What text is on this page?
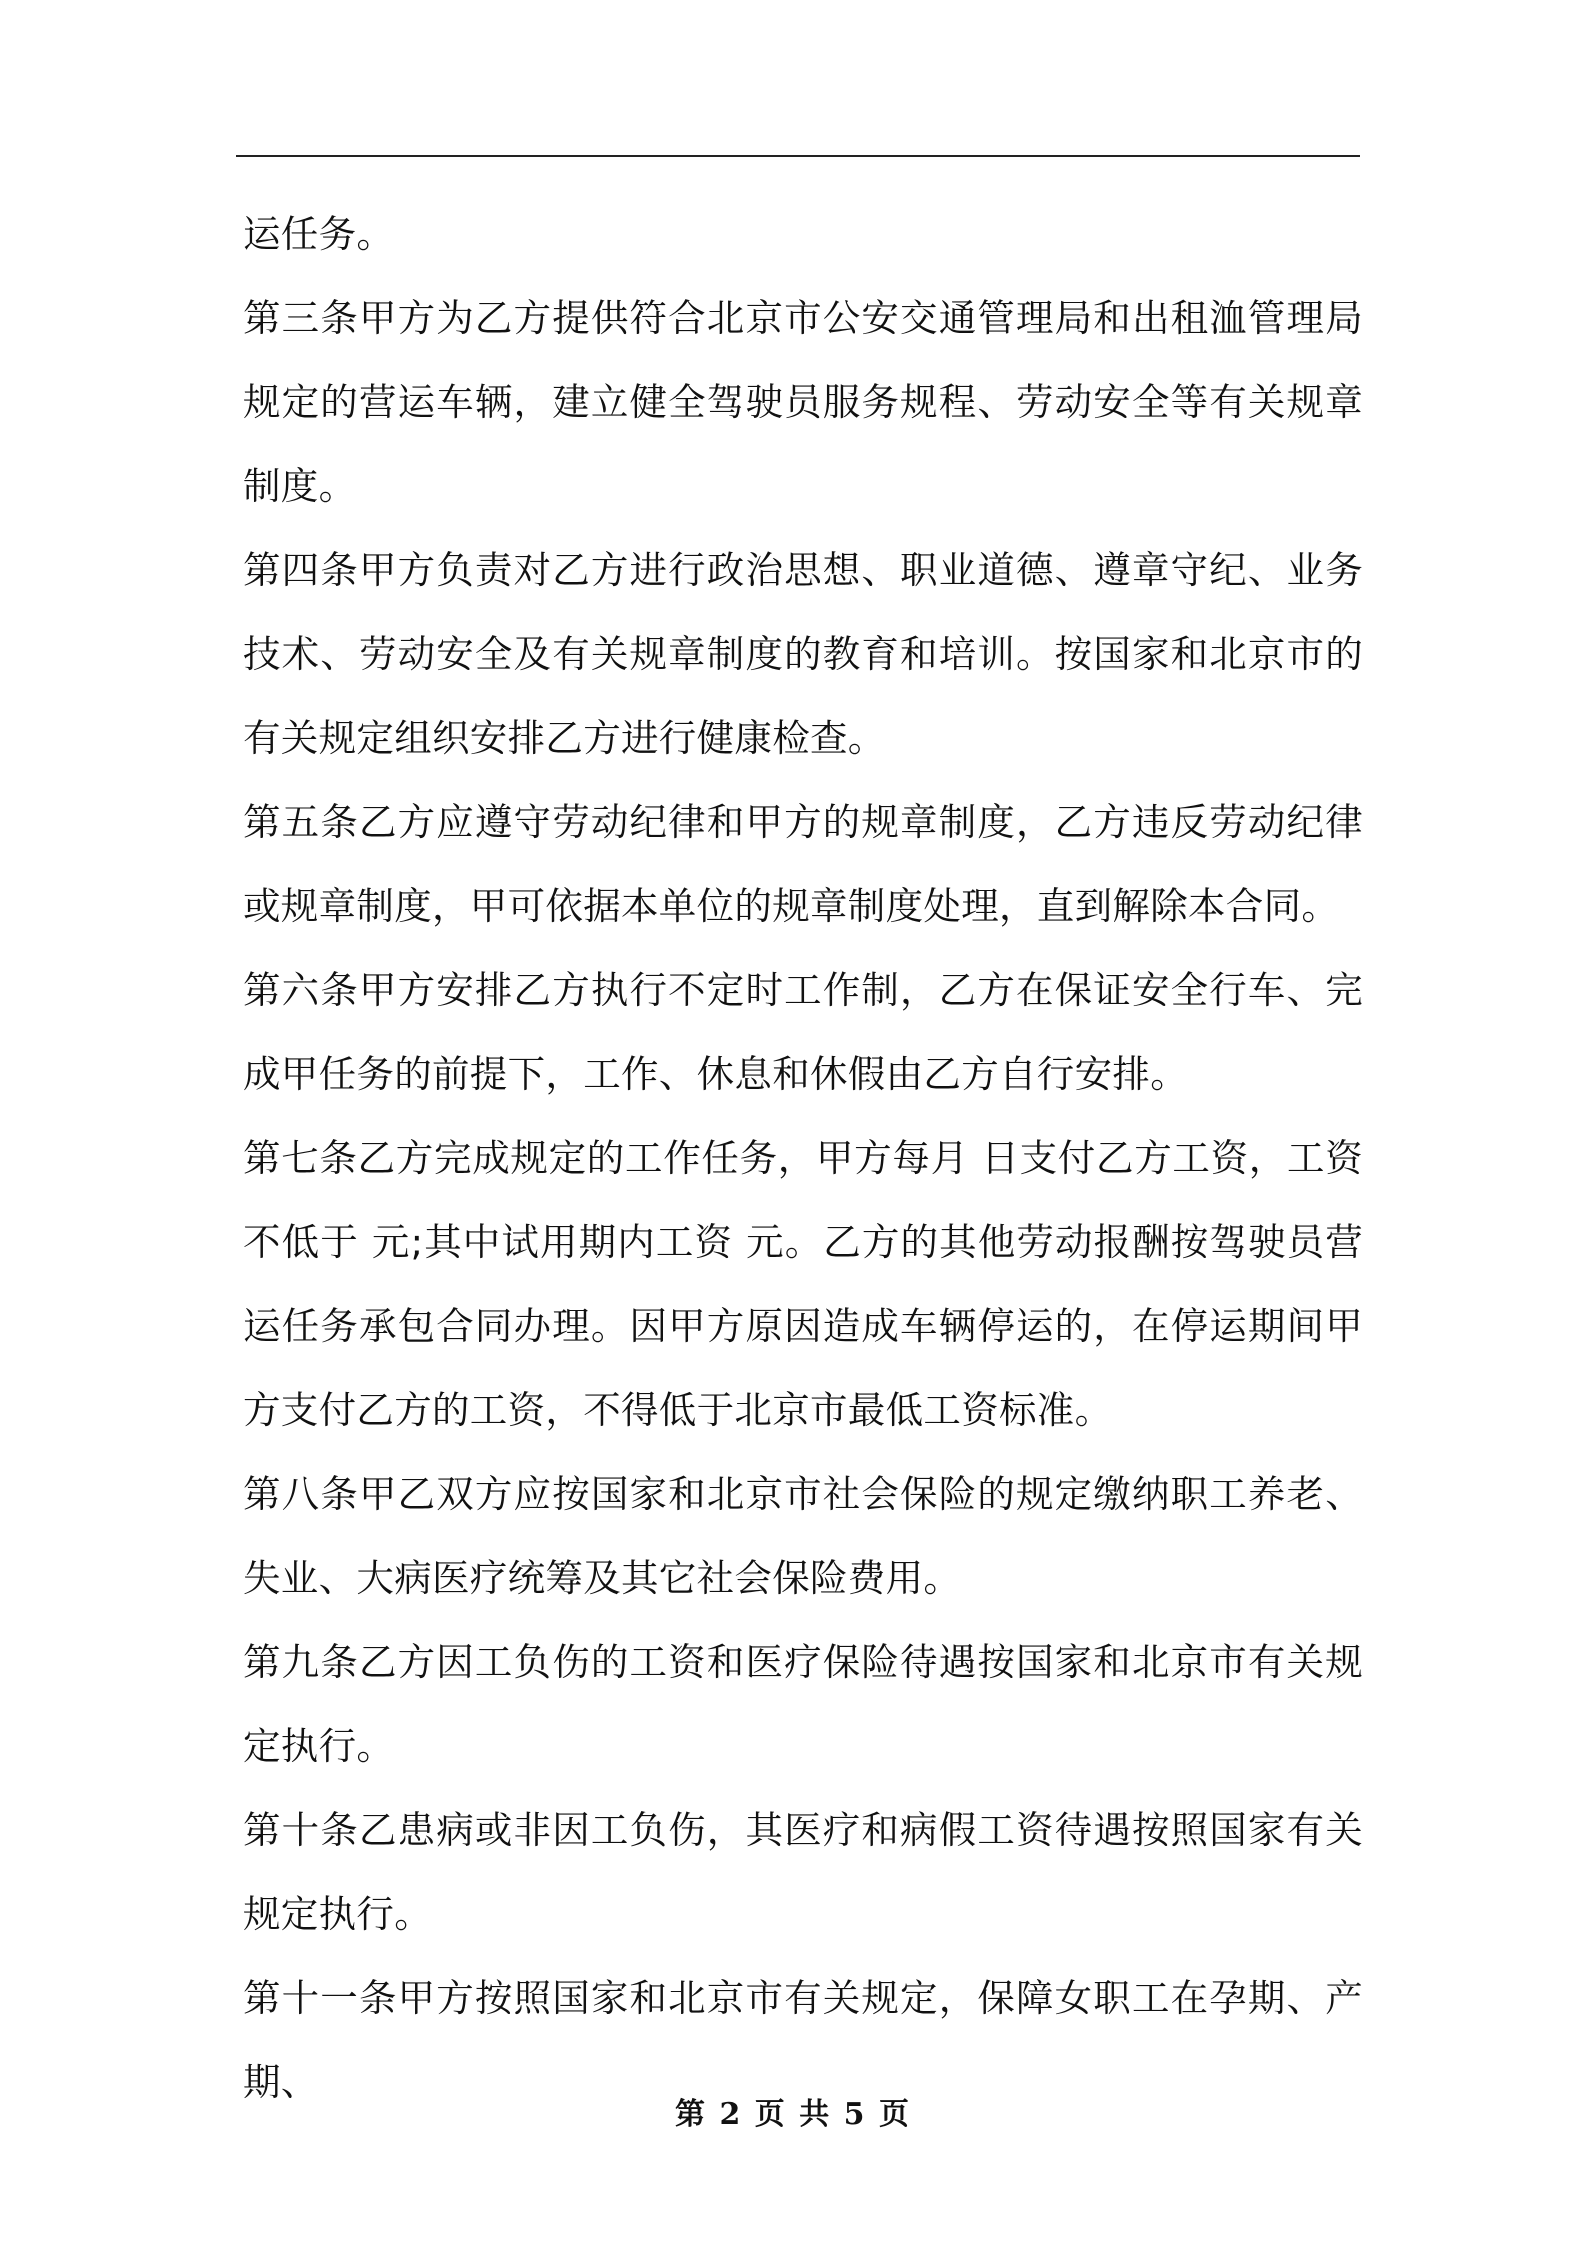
运任务。

第三条甲方为乙方提供符合北京市公安交通管理局和出租洫管理局规定的营运车辆，建立健全驾驶员服务规程、劳动安全等有关规章制度。

第四条甲方负责对乙方进行政治思想、职业道德、遵章守纪、业务技术、劳动安全及有关规章制度的教育和培训。按国家和北京市的有关规定组织安排乙方进行健康检查。

第五条乙方应遵守劳动纪律和甲方的规章制度，乙方违反劳动纪律或规章制度，甲可依据本单位的规章制度处理，直到解除本合同。

第六条甲方安排乙方执行不定时工作制，乙方在保证安全行车、完成甲任务的前提下，工作、休息和休假由乙方自行安排。

第七条乙方完成规定的工作任务，甲方每月 日支付乙方工资，工资不低于 元;其中试用期内工资 元。乙方的其他劳动报酬按驾驶员营运任务承包合同办理。因甲方原因造成车辆停运的，在停运期间甲方支付乙方的工资，不得低于北京市最低工资标准。

第八条甲乙双方应按国家和北京市社会保险的规定缴纳职工养老、失业、大病医疗统筹及其它社会保险费用。

第九条乙方因工负伤的工资和医疗保险待遇按国家和北京市有关规定执行。

第十条乙患病或非因工负伤，其医疗和病假工资待遇按照国家有关规定执行。

第十一条甲方按照国家和北京市有关规定，保障女职工在孕期、产期、

第 2 页 共 5 页
